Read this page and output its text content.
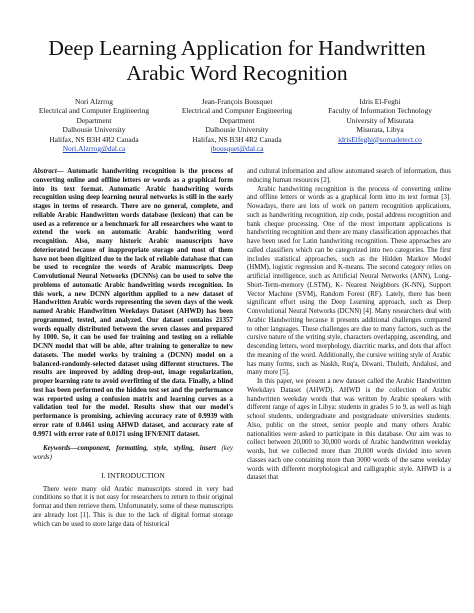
Deep Learning Application for Handwritten Arabic Word Recognition
Nori Alzrrog
Electrical and Computer Engineering
Department
Dalhousie University
Halifax, NS B3H 4R2 Canada
Nori.Alzrrog@dal.ca
Jean-François Bousquet
Electrical and Computer Engineering
Department
Dalhousie University
Halifax, NS B3H 4R2 Canada
jbousquet@dal.ca
Idris El-Feghi
Faculty of Information Technology
University of Misurata
Misurata, Libya
idrisElfeghi@somadetect.co

Abstract— Automatic handwriting recognition is the process of converting online and offline letters or words as a graphical form into its text format. Automatic Arabic handwriting words recognition using deep learning neural networks is still in the early stages in terms of research. There are no general, complete, and reliable Arabic Handwritten words database (lexicon) that can be used as a reference or a benchmark for all researchers who want to extend the work on automatic Arabic handwriting word recognition. Also, many historic Arabic manuscripts have deteriorated because of inappropriate storage and most of them have not been digitized due to the lack of reliable database that can be used to recognize the words of Arabic manuscripts. Deep Convolutional Neural Networks (DCNNs) can be used to solve the problems of automatic Arabic handwriting words recognition. In this work, a new DCNN algorithm applied to a new dataset of Handwritten Arabic words representing the seven days of the week named Arabic Handwritten Weekdays Dataset (AHWD) has been programmed, tested, and analyzed. Our dataset contains 21357 words equally distributed between the seven classes and prepared by 1000. So, it can be used for training and testing on a reliable DCNN model that will be able, after training to generalize to new datasets. The model works by training a (DCNN) model on a balanced-randomly-selected dataset using different structures. The results are improved by adding drop-out, image regularization, proper learning rate to avoid overfitting of the data. Finally, a blind test has been performed on the hidden test set and the performance was reported using a confusion matrix and learning curves as a validation tool for the model. Results show that our model's performance is promising, achieving accuracy rate of 0.9939 with error rate of 0.0461 using AHWD dataset, and accuracy rate of 0.9971 with error rate of 0.0171 using IFN/ENIT dataset.

Keywords—component, formatting, style, styling, insert (key words)

I. INTRODUCTION

There were many old Arabic manuscripts stored in very bad conditions so that it is not easy for researchers to return to their original format and then retrieve them. Unfortunately, some of these manuscripts are already lost [1]. This is due to the lack of digital format storage which can be used to store large data of historical

and cultural information and allow automated search of information, thus reducing human resources [2].

Arabic handwriting recognition is the process of converting online and offline letters or words as a graphical form into its text format [3]. Nowadays, there are lots of work on pattern recognition applications, such as handwriting recognition, zip code, postal address recognition and bank cheque processing. One of the most important applications is handwriting recognition and there are many classification approaches that have been used for Latin handwriting recognition. These approaches are called classifiers which can be categorized into two categories. The first includes statistical approaches, such as the Hidden Markov Model (HMM), logistic regression and K-means. The second category relies on artificial intelligence, such as Artificial Neural Networks (ANN), Long-Short-Term-memory (LSTM), K- Nearest Neighbors (K-NN), Support Vector Machine (SVM), Random Forest (RF). Lately, there has been significant effort using the Deep Learning approach, such as Deep Convolutional Neural Networks (DCNN) [4]. Many researchers deal with Arabic Handwriting because it presents additional challenges compared to other languages. These challenges are due to many factors, such as the cursive nature of the writing style, characters overlapping, ascending, and descending letters, word morphology, diacritic marks, and dots that affect the meaning of the word. Additionally, the cursive writing style of Arabic has many forms, such as Naskh, Ruq'a, Diwani, Thuluth, Andalusi, and many more [5].

In this paper, we present a new dataset called the Arabic Handwritten Weekdays Dataset (AHWD). AHWD is the collection of Arabic handwritten weekday words that was written by Arabic speakers with different range of ages in Libya: students in grades 5 to 9, as well as high school students, undergraduate and postgraduate universities students. Also, public on the street, senior people and many others Arabic nationalities were asked to participate in this database. Our aim was to collect between 20,000 to 30,000 words of Arabic handwritten weekday words, but we collected more than 20,000 words divided into seven classes each one containing more than 3000 words of the same weekday words with different morphological and calligraphic style. AHWD is a dataset that
